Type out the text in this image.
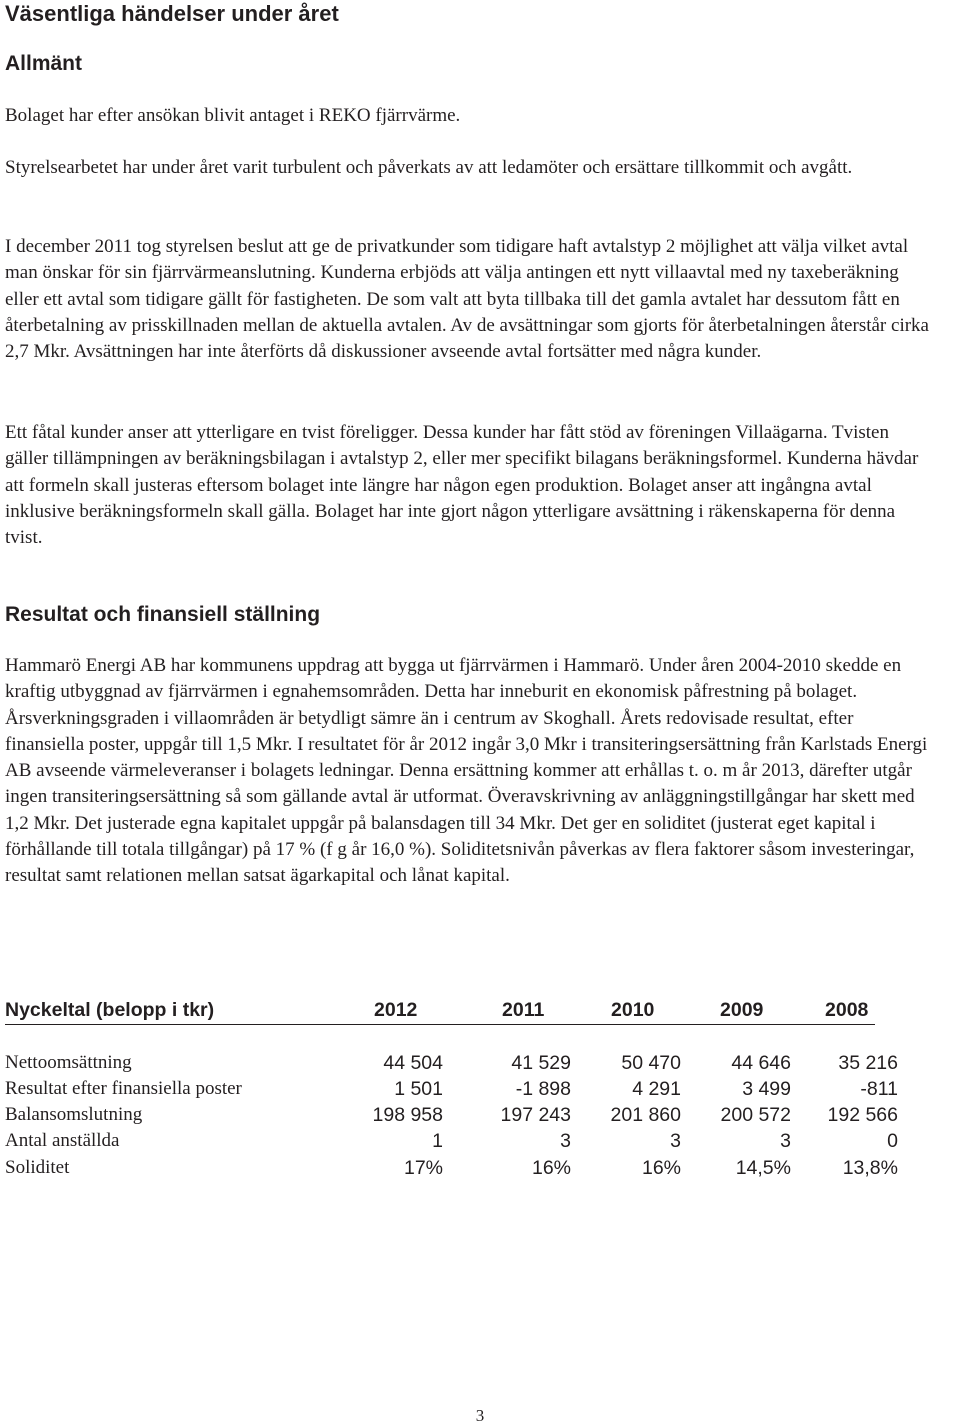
Väsentliga händelser under året
Allmänt

Bolaget har efter ansökan blivit antaget i REKO fjärrvärme.

Styrelsearbetet har under året varit turbulent och påverkats av att ledamöter och ersättare tillkommit och avgått.

I december 2011 tog styrelsen beslut att ge de privatkunder som tidigare haft avtalstyp 2 möjlighet att välja vilket avtal man önskar för sin fjärrvärmeanslutning. Kunderna erbjöds att välja antingen ett nytt villaavtal med ny taxeberäkning eller ett avtal som tidigare gällt för fastigheten. De som valt att byta tillbaka till det gamla avtalet har dessutom fått en återbetalning av prisskillnaden mellan de aktuella avtalen. Av de avsättningar som gjorts för återbetalningen återstår cirka 2,7 Mkr. Avsättningen har inte återförts då diskussioner avseende avtal fortsätter med några kunder.

Ett fåtal kunder anser att ytterligare en tvist föreligger. Dessa kunder har fått stöd av föreningen Villaägarna. Tvisten gäller tillämpningen av beräkningsbilagan i avtalstyp 2, eller mer specifikt bilagans beräkningsformel. Kunderna hävdar att formeln skall justeras eftersom bolaget inte längre har någon egen produktion. Bolaget anser att ingångna avtal inklusive beräkningsformeln skall gälla. Bolaget har inte gjort någon ytterligare avsättning i räkenskaperna för denna tvist.

Resultat och finansiell ställning

Hammarö Energi AB har kommunens uppdrag att bygga ut fjärrvärmen i Hammarö. Under åren 2004-2010 skedde en kraftig utbyggnad av fjärrvärmen i egnahemsområden. Detta har inneburit en ekonomisk påfrestning på bolaget. Årsverkningsgraden i villaområden är betydligt sämre än i centrum av Skoghall. Årets redovisade resultat, efter finansiella poster, uppgår till 1,5 Mkr. I resultatet för år 2012 ingår 3,0 Mkr i transiteringsersättning från Karlstads Energi AB avseende värmeleveranser i bolagets ledningar. Denna ersättning kommer att erhållas t. o. m år 2013, därefter utgår ingen transiteringsersättning så som gällande avtal är utformat. Överavskrivning av anläggningstillgångar har skett med 1,2 Mkr. Det justerade egna kapitalet uppgår på balansdagen till 34 Mkr. Det ger en soliditet (justerat eget kapital i förhållande till totala tillgångar) på 17 % (f g år 16,0 %). Soliditetsnivån påverkas av flera faktorer såsom investeringar, resultat samt relationen mellan satsat ägarkapital och lånat kapital.

Nyckeltal (belopp i tkr)	2012	2011	2010	2009	2008
Nettoomsättning	44 504	41 529	50 470	44 646	35 216
Resultat efter finansiella poster	1 501	-1 898	4 291	3 499	-811
Balansomslutning	198 958	197 243	201 860	200 572	192 566
Antal anställda	1	3	3	3	0
Soliditet	17%	16%	16%	14,5%	13,8%
3
